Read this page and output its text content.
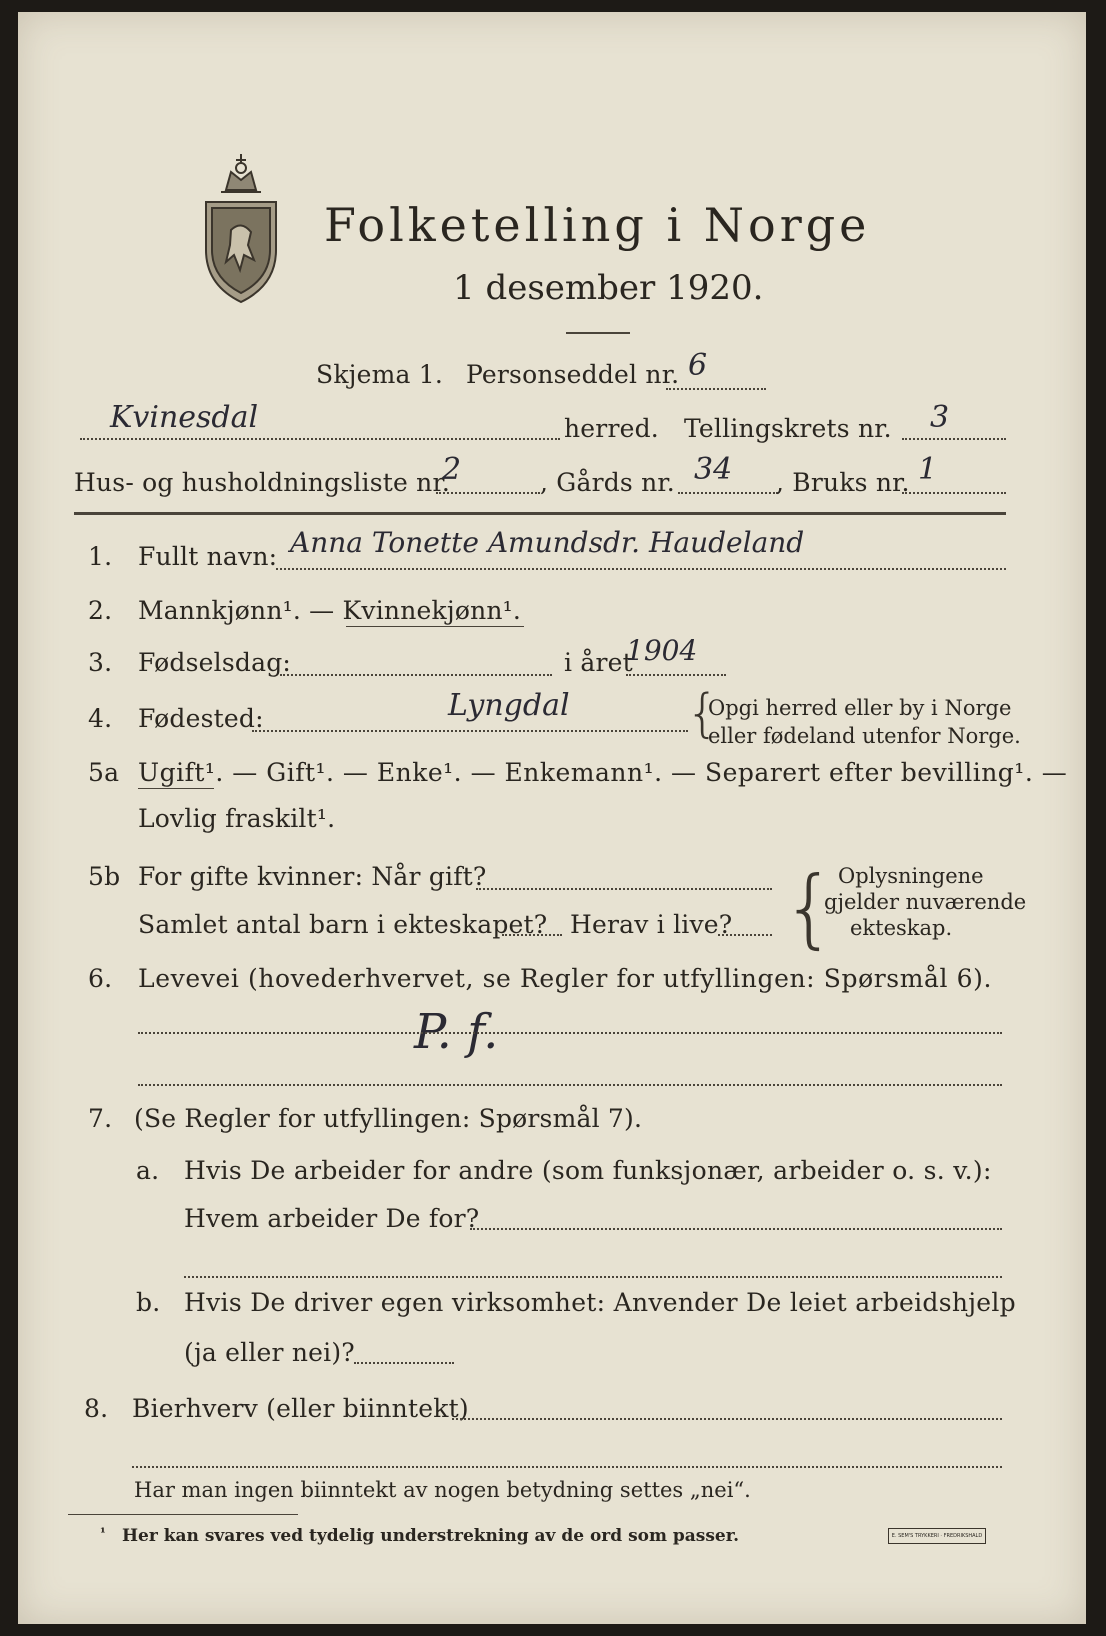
Folketelling i Norge
1 desember 1920.
Skjema 1. Personseddel nr. 6
Kvinesdal	herred. Tellingskrets nr. 3
Hus- og husholdningsliste nr.
2	, Gårds nr. 34 , Bruks nr. 1
1. Fullt navn: Anna Tonette Amundsdr. Haudeland
2. Mannkjønn¹. — Kvinnekjønn¹.
3. Fødselsdag:	i året
1904
4. Fødested:	Lyngdal {
Opgi herred eller by i Norge
eller fødeland utenfor Norge.
5a Ugift¹. — Gift¹. — Enke¹. — Enkemann¹. — Separert efter bevilling¹. —
Lovlig fraskilt¹.
5b For gifte kvinner: Når gift?
Samlet antal barn i ekteskapet? Herav i live? { Oplysningene
gjelder nuværende
ekteskap.
6. Levevei (hovederhvervet, se Regler for utfyllingen: Spørsmål 6).
P. f.
7. (Se Regler for utfyllingen: Spørsmål 7).
a. Hvis De arbeider for andre (som funksjonær, arbeider o. s. v.):
Hvem arbeider De for?
b. Hvis De driver egen virksomhet: Anvender De leiet arbeidshjelp
(ja eller nei)?
8. Bierhverv (eller biinntekt)
Har man ingen biinntekt av nogen betydning settes „nei“.
¹ Her kan svares ved tydelig understrekning av de ord som passer.	E. SEM'S TRYKKERI · FREDRIKSHALD
